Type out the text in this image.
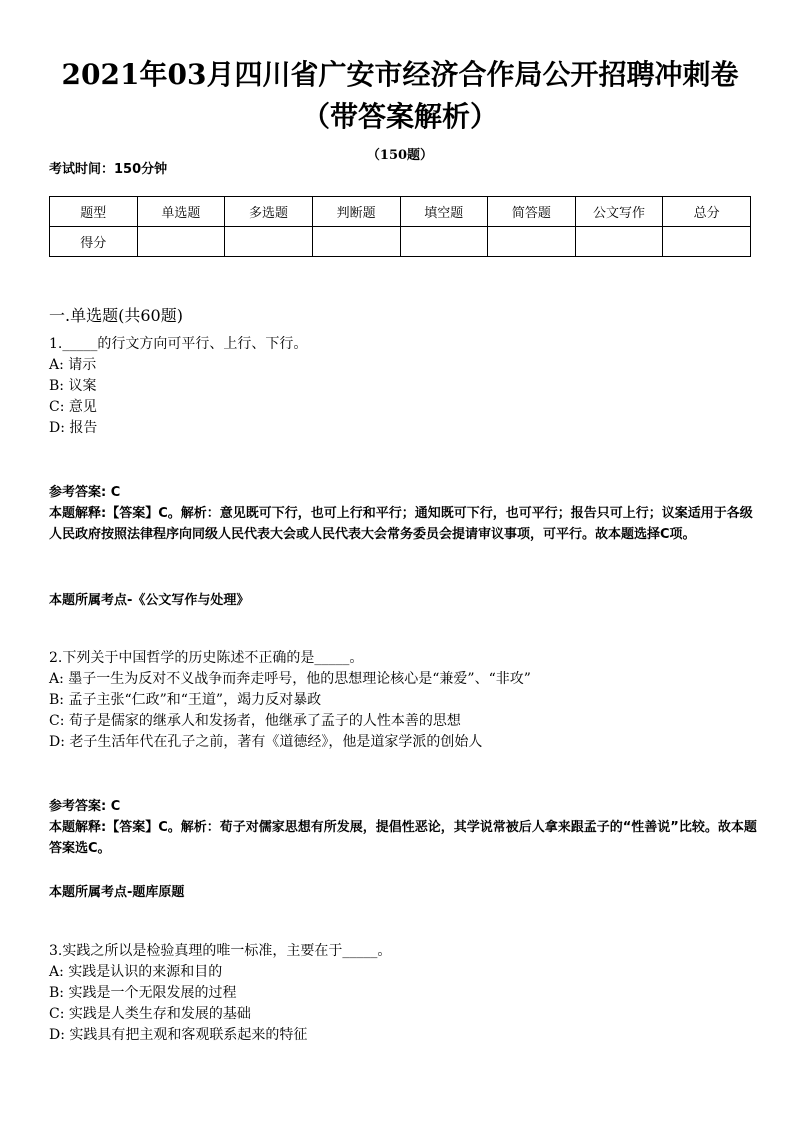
2021年03月四川省广安市经济合作局公开招聘冲刺卷（带答案解析）
（150题）
考试时间：150分钟
题型	单选题	多选题	判断题	填空题	简答题	公文写作	总分
得分							
一.单选题(共60题)
1._____的行文方向可平行、上行、下行。
A: 请示
B: 议案
C: 意见
D: 报告
参考答案: C
本题解释:【答案】C。解析：意见既可下行，也可上行和平行；通知既可下行，也可平行；报告只可上行；议案适用于各级人民政府按照法律程序向同级人民代表大会或人民代表大会常务委员会提请审议事项，可平行。故本题选择C项。
本题所属考点-《公文写作与处理》
2.下列关于中国哲学的历史陈述不正确的是_____。
A: 墨子一生为反对不义战争而奔走呼号，他的思想理论核心是“兼爱”、“非攻”
B: 孟子主张“仁政”和“王道”，竭力反对暴政
C: 荀子是儒家的继承人和发扬者，他继承了孟子的人性本善的思想
D: 老子生活年代在孔子之前，著有《道德经》，他是道家学派的创始人
参考答案: C
本题解释:【答案】C。解析：荀子对儒家思想有所发展，提倡性恶论，其学说常被后人拿来跟孟子的“性善说”比较。故本题答案选C。
本题所属考点-题库原题
3.实践之所以是检验真理的唯一标准，主要在于_____。
A: 实践是认识的来源和目的
B: 实践是一个无限发展的过程
C: 实践是人类生存和发展的基础
D: 实践具有把主观和客观联系起来的特征
